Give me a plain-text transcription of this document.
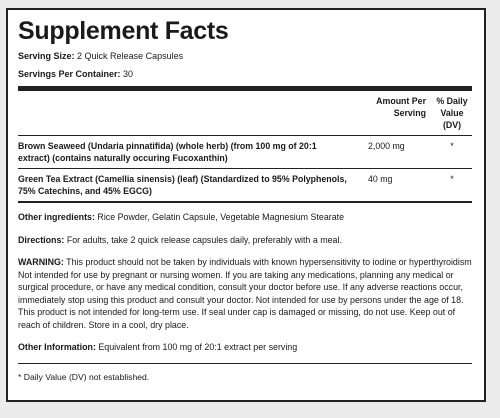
Supplement Facts
Serving Size: 2 Quick Release Capsules
Servings Per Container: 30
	Amount Per Serving	% Daily Value (DV)
Brown Seaweed (Undaria pinnatifida) (whole herb) (from 100 mg of 20:1 extract) (contains naturally occuring Fucoxanthin)	2,000 mg	*
Green Tea Extract (Camellia sinensis) (leaf) (Standardized to 95% Polyphenols, 75% Catechins, and 45% EGCG)	40 mg	*

Other ingredients: Rice Powder, Gelatin Capsule, Vegetable Magnesium Stearate

Directions: For adults, take 2 quick release capsules daily, preferably with a meal.

WARNING: This product should not be taken by individuals with known hypersensitivity to iodine or hyperthyroidism Not intended for use by pregnant or nursing women. If you are taking any medications, planning any medical or surgical procedure, or have any medical condition, consult your doctor before use. If any adverse reactions occur, immediately stop using this product and consult your doctor. Not intended for use by persons under the age of 18. This product is not intended for long-term use. If seal under cap is damaged or missing, do not use. Keep out of reach of children. Store in a cool, dry place.

Other Information: Equivalent from 100 mg of 20:1 extract per serving

* Daily Value (DV) not established.
